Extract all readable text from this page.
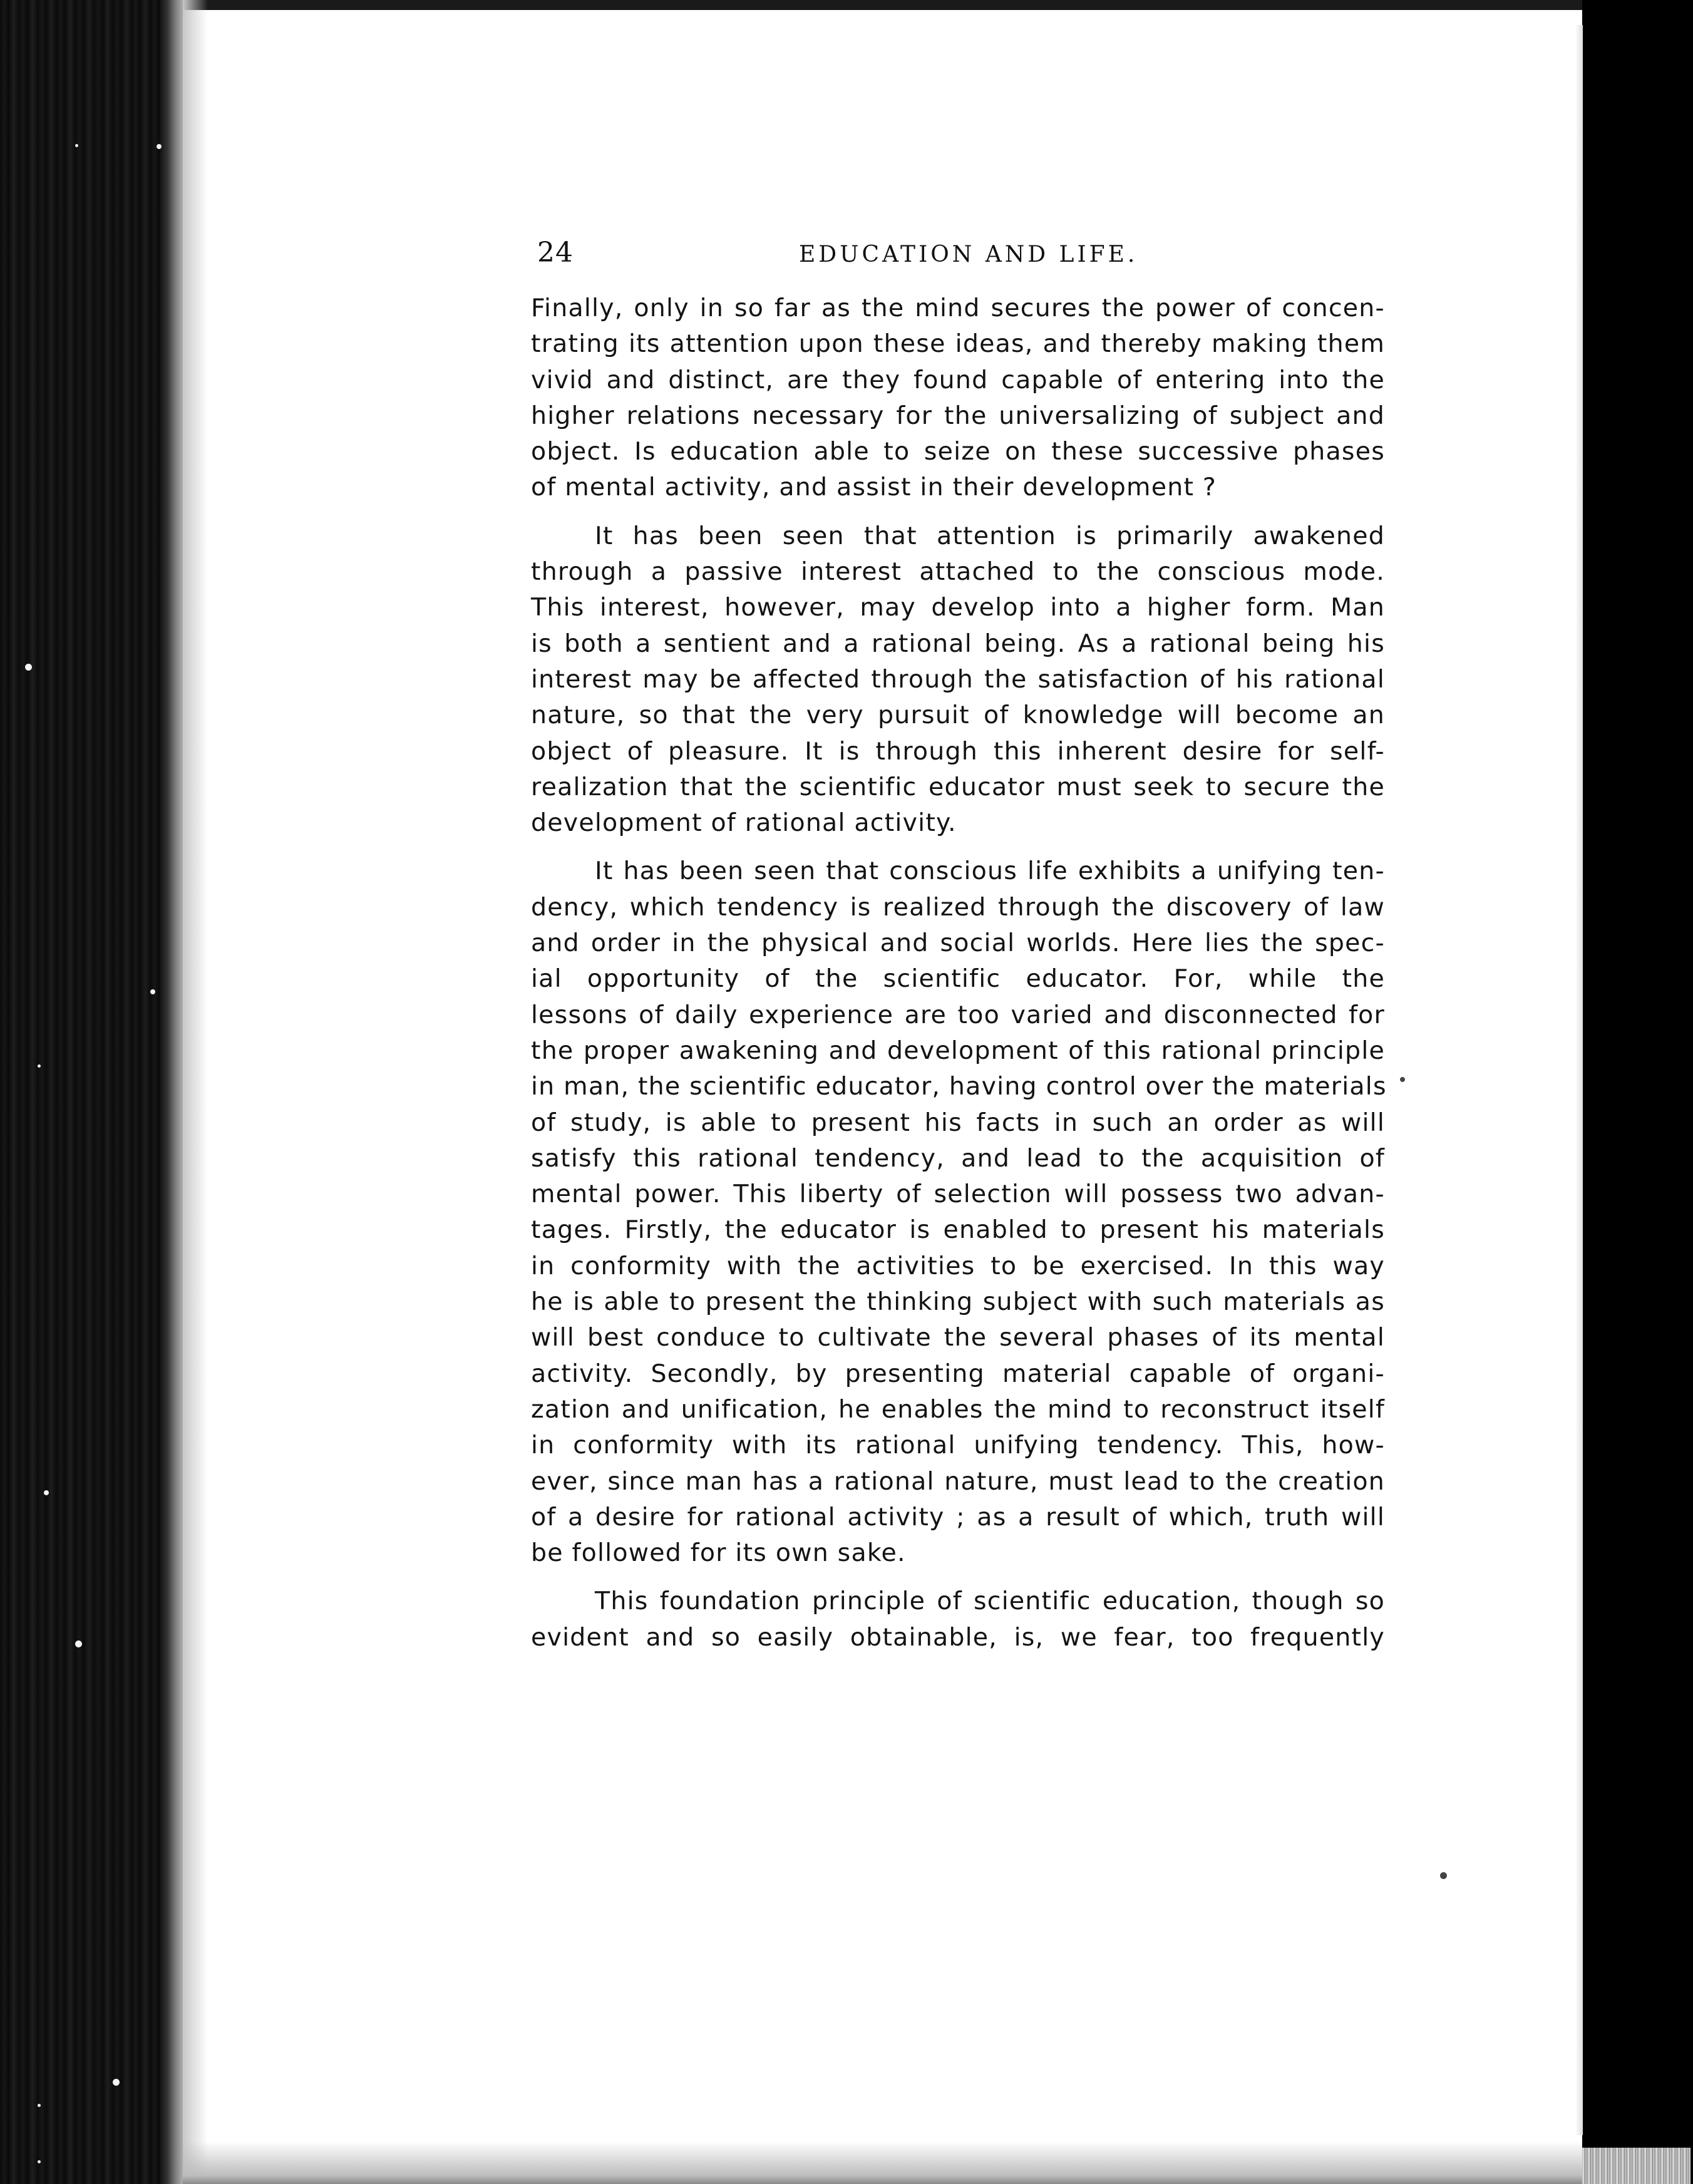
24	EDUCATION AND LIFE.
Finally, only in so far as the mind secures the power of concen-
trating its attention upon these ideas, and thereby making them
vivid and distinct, are they found capable of entering into the
higher relations necessary for the universalizing of subject and
object. Is education able to seize on these successive phases
of mental activity, and assist in their development ?
It has been seen that attention is primarily awakened
through a passive interest attached to the conscious mode.
This interest, however, may develop into a higher form. Man
is both a sentient and a rational being. As a rational being his
interest may be affected through the satisfaction of his rational
nature, so that the very pursuit of knowledge will become an
object of pleasure. It is through this inherent desire for self-
realization that the scientific educator must seek to secure the
development of rational activity.
It has been seen that conscious life exhibits a unifying ten-
dency, which tendency is realized through the discovery of law
and order in the physical and social worlds. Here lies the spec-
ial opportunity of the scientific educator. For, while the
lessons of daily experience are too varied and disconnected for
the proper awakening and development of this rational principle
in man, the scientific educator, having control over the materials
of study, is able to present his facts in such an order as will
satisfy this rational tendency, and lead to the acquisition of
mental power. This liberty of selection will possess two advan-
tages. Firstly, the educator is enabled to present his materials
in conformity with the activities to be exercised. In this way
he is able to present the thinking subject with such materials as
will best conduce to cultivate the several phases of its mental
activity. Secondly, by presenting material capable of organi-
zation and unification, he enables the mind to reconstruct itself
in conformity with its rational unifying tendency. This, how-
ever, since man has a rational nature, must lead to the creation
of a desire for rational activity ; as a result of which, truth will
be followed for its own sake.
This foundation principle of scientific education, though so
evident and so easily obtainable, is, we fear, too frequently
